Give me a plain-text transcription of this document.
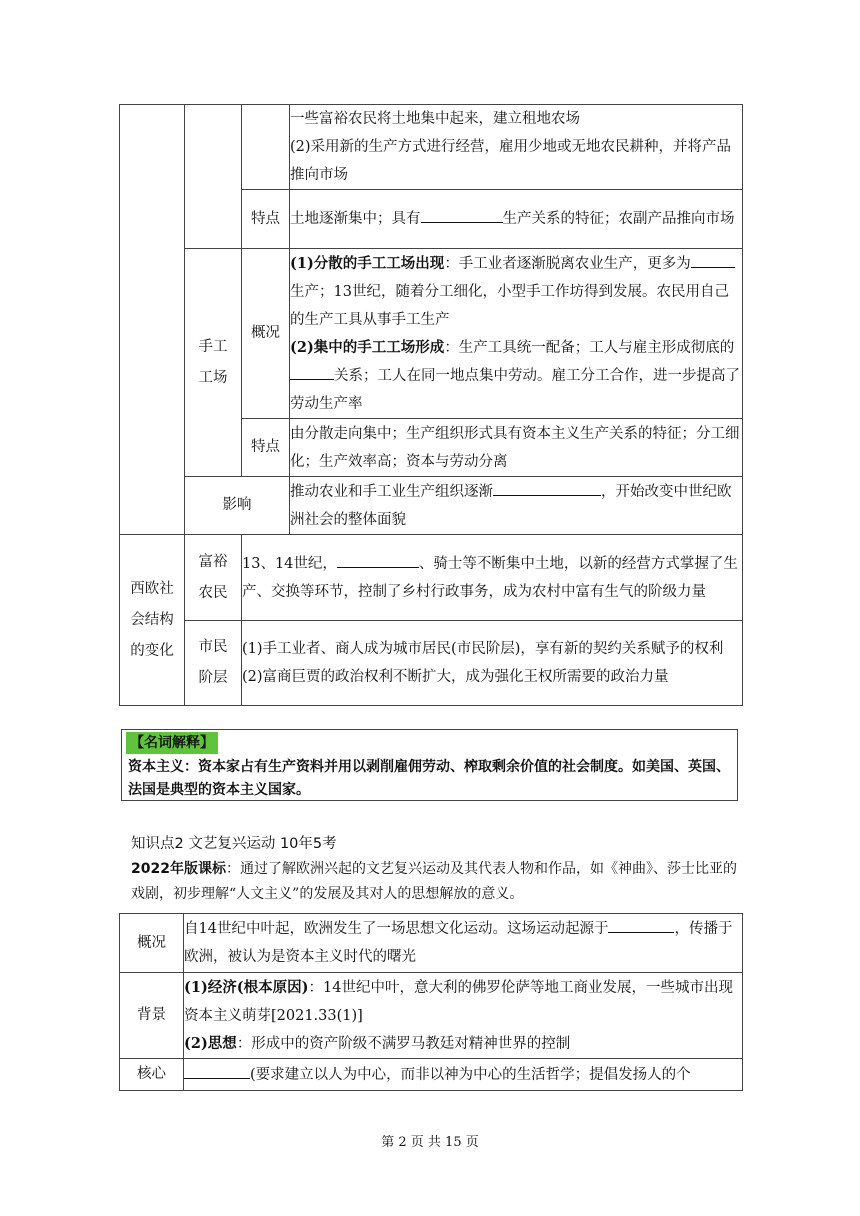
			一些富裕农民将土地集中起来，建立租地农场

(2)采用新的生产方式进行经营，雇用少地或无地农民耕种，并将产品推向市场

		特点	土地逐渐集中；具有 生产关系的特征；农副产品推向市场
	手工工场	概况	(1)分散的手工工场出现：手工业者逐渐脱离农业生产，更多为生产；13世纪，随着分工细化，小型手工作坊得到发展。农民用自己的生产工具从事手工生产

(2)集中的手工工场形成：生产工具统一配备；工人与雇主形成彻底的关系；工人在同一地点集中劳动。雇工分工合作，进一步提高了劳动生产率

		特点	由分散走向集中；生产组织形式具有资本主义生产关系的特征；分工细化；生产效率高；资本与劳动分离
	影响		推动农业和手工业生产组织逐渐 ，开始改变中世纪欧洲社会的整体面貌
西欧社会结构的变化	富裕农民	13、14世纪， 、骑士等不断集中土地，以新的经营方式掌握了生产、交换等环节，控制了乡村行政事务，成为农村中富有生气的阶级力量	
	市民阶层	(1)手工业者、商人成为城市居民(市民阶层)，享有新的契约关系赋予的权利

(2)富商巨贾的政治权利不断扩大，成为强化王权所需要的政治力量	

【名词解释】
资本主义：资本家占有生产资料并用以剥削雇佣劳动、榨取剩余价值的社会制度。如美国、英国、法国是典型的资本主义国家。
知识点2 文艺复兴运动 10年5考
2022年版课标：通过了解欧洲兴起的文艺复兴运动及其代表人物和作品，如《神曲》、莎士比亚的戏剧，初步理解“人文主义”的发展及其对人的思想解放的意义。
概况	自14世纪中叶起，欧洲发生了一场思想文化运动。这场运动起源于 ，传播于欧洲，被认为是资本主义时代的曙光
背景	(1)经济(根本原因)：14世纪中叶，意大利的佛罗伦萨等地工商业发展，一些城市出现资本主义萌芽[2021.33(1)]

(2)思想：形成中的资产阶级不满罗马教廷对精神世界的控制

核心	(要求建立以人为中心，而非以神为中心的生活哲学；提倡发扬人的个
第 2 页 共 15 页
